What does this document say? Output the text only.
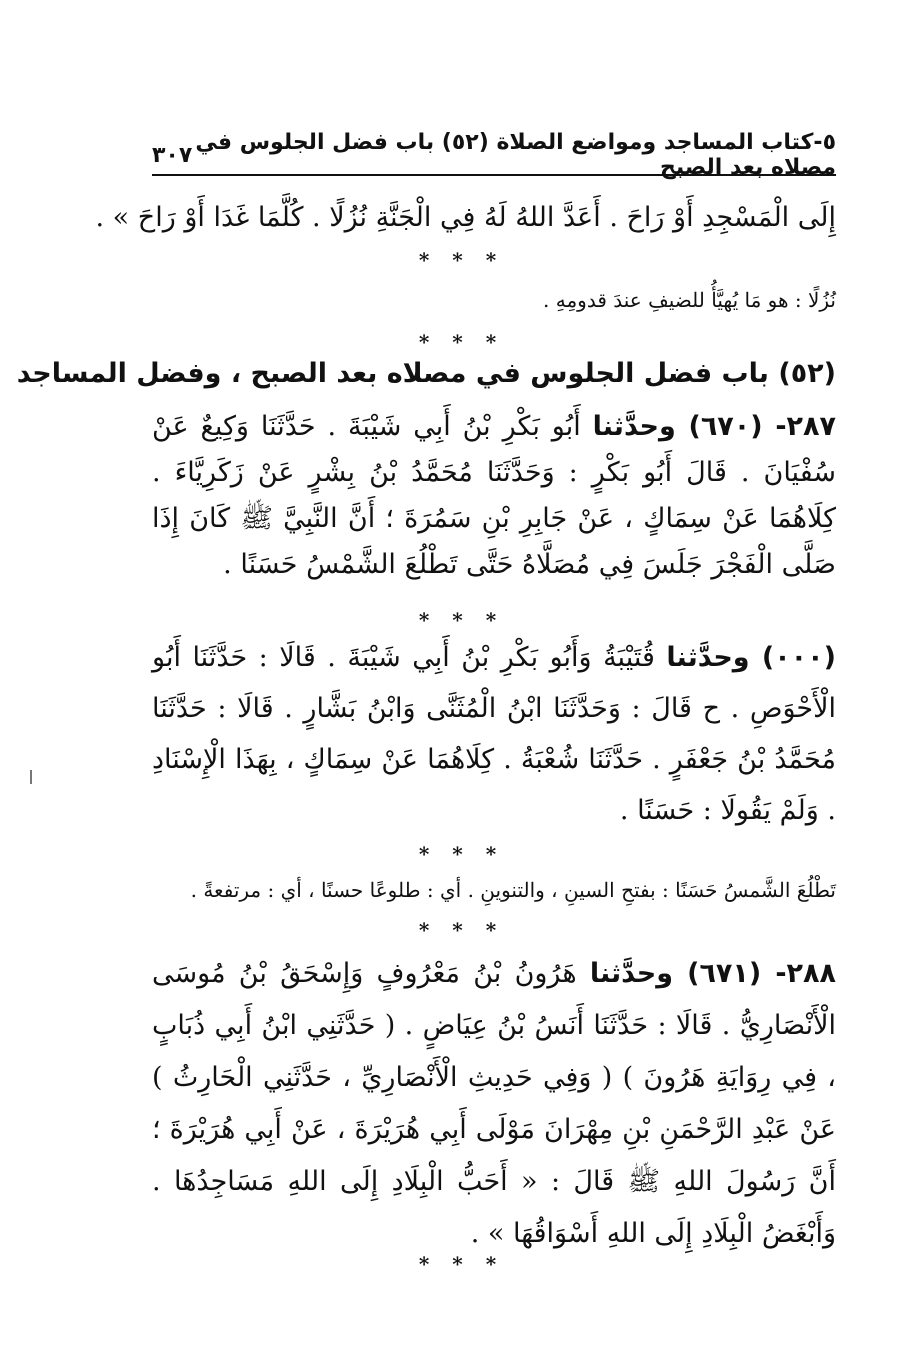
٥-كتاب المساجد ومواضع الصلاة (٥٢) باب فضل الجلوس في مصلاه بعد الصبح
٣٠٧
إِلَى الْمَسْجِدِ أَوْ رَاحَ . أَعَدَّ اللهُ لَهُ فِي الْجَنَّةِ نُزُلًا . كُلَّمَا غَدَا أَوْ رَاحَ » .
* * *
نُزُلًا : هو مَا يُهيَّأُ للضيفِ عندَ قدومِهِ .
* * *
(٥٢) باب فضل الجلوس في مصلاه بعد الصبح ، وفضل المساجد
٢٨٧- (٦٧٠) وحدَّثنا أَبُو بَكْرِ بْنُ أَبِي شَيْبَةَ . حَدَّثَنَا وَكِيعٌ عَنْ سُفْيَانَ . قَالَ أَبُو بَكْرٍ : وَحَدَّثَنَا مُحَمَّدُ بْنُ بِشْرٍ عَنْ زَكَرِيَّاءَ . كِلَاهُمَا عَنْ سِمَاكٍ ، عَنْ جَابِرِ بْنِ سَمُرَةَ ؛ أَنَّ النَّبِيَّ ﷺ كَانَ إِذَا صَلَّى الْفَجْرَ جَلَسَ فِي مُصَلَّاهُ حَتَّى تَطْلُعَ الشَّمْسُ حَسَنًا .
* * *
(٠٠٠) وحدَّثنا قُتَيْبَةُ وَأَبُو بَكْرِ بْنُ أَبِي شَيْبَةَ . قَالَا : حَدَّثَنَا أَبُو الْأَحْوَصِ . ح قَالَ : وَحَدَّثَنَا ابْنُ الْمُثَنَّى وَابْنُ بَشَّارٍ . قَالَا : حَدَّثَنَا مُحَمَّدُ بْنُ جَعْفَرٍ . حَدَّثَنَا شُعْبَةُ . كِلَاهُمَا عَنْ سِمَاكٍ ، بِهَذَا الْإِسْنَادِ . وَلَمْ يَقُولَا : حَسَنًا .
* * *
تَطْلُعَ الشَّمسُ حَسَنًا : بفتحِ السينِ ، والتنوينِ . أي : طلوعًا حسنًا ، أي : مرتفعةً .
* * *
٢٨٨- (٦٧١) وحدَّثنا هَرُونُ بْنُ مَعْرُوفٍ وَإِسْحَقُ بْنُ مُوسَى الْأَنْصَارِيُّ . قَالَا : حَدَّثَنَا أَنَسُ بْنُ عِيَاضٍ . ( حَدَّثَنِي ابْنُ أَبِي ذُبَابٍ ، فِي رِوَايَةِ هَرُونَ ) ( وَفِي حَدِيثِ الْأَنْصَارِيِّ ، حَدَّثَنِي الْحَارِثُ ) عَنْ عَبْدِ الرَّحْمَنِ بْنِ مِهْرَانَ مَوْلَى أَبِي هُرَيْرَةَ ، عَنْ أَبِي هُرَيْرَةَ ؛ أَنَّ رَسُولَ اللهِ ﷺ قَالَ : « أَحَبُّ الْبِلَادِ إِلَى اللهِ مَسَاجِدُهَا . وَأَبْغَضُ الْبِلَادِ إِلَى اللهِ أَسْوَاقُهَا » .
* * *
